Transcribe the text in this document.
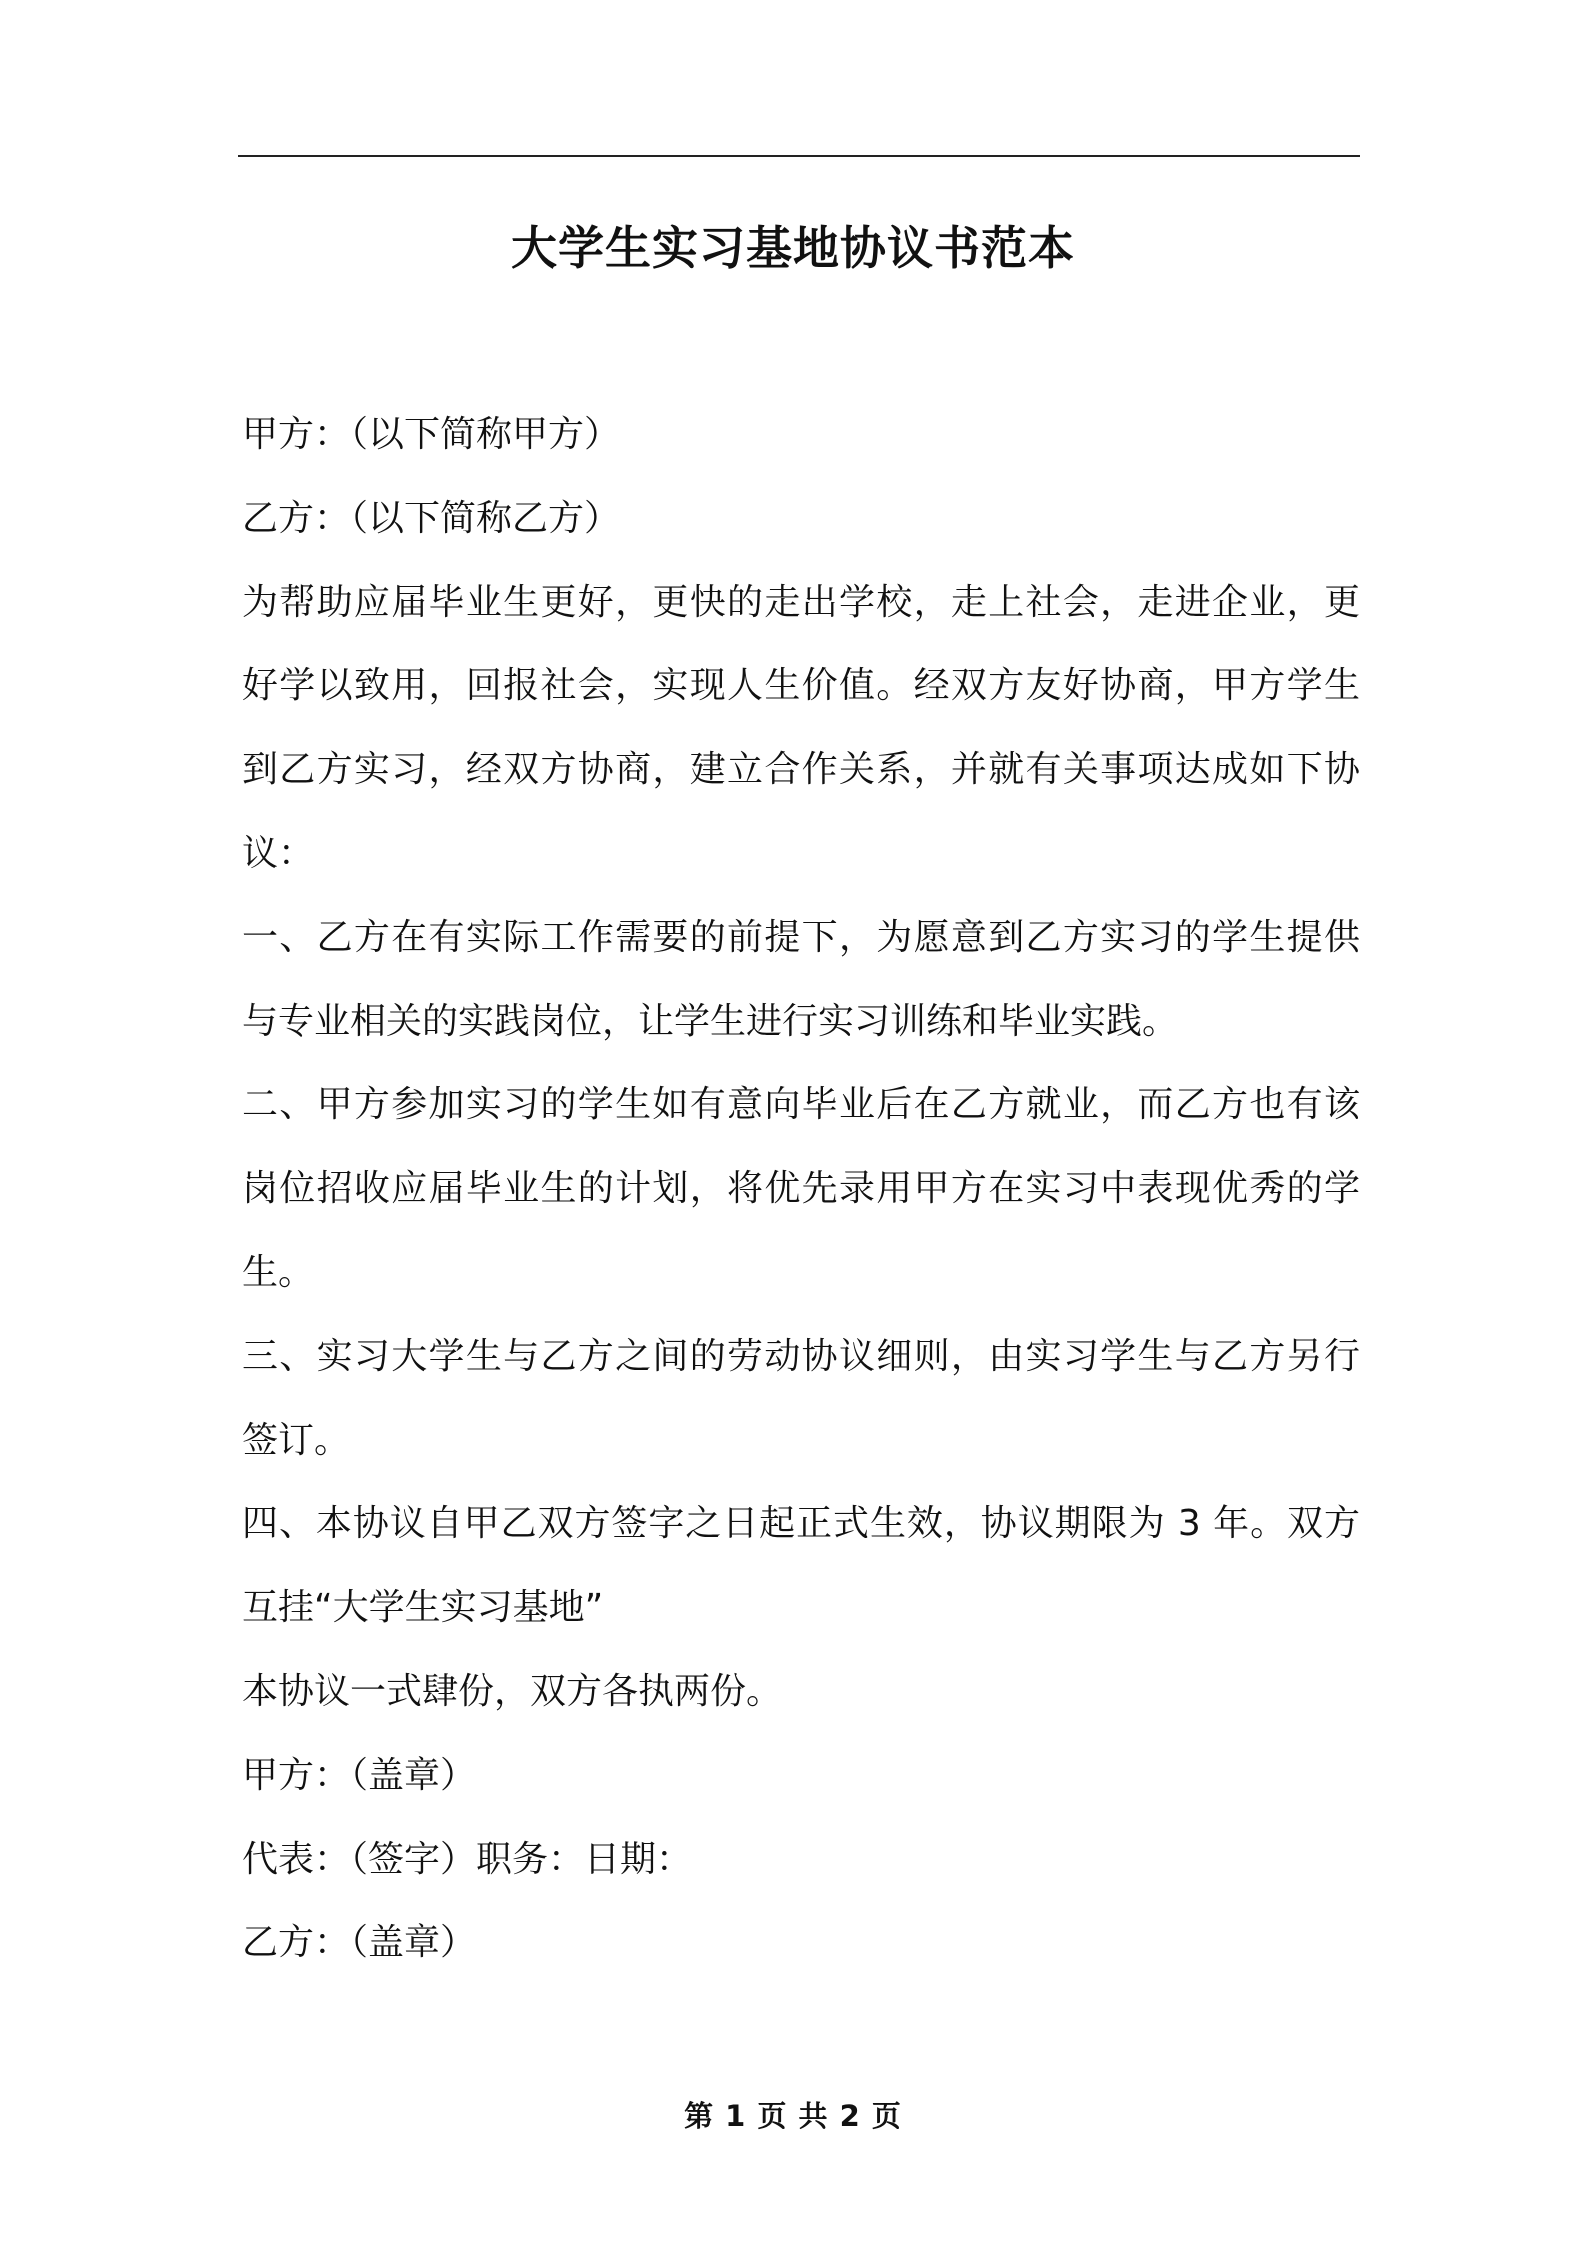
大学生实习基地协议书范本
甲方：（以下简称甲方）
乙方：（以下简称乙方）
为帮助应届毕业生更好，更快的走出学校，走上社会，走进企业，更
好学以致用，回报社会，实现人生价值。经双方友好协商，甲方学生
到乙方实习，经双方协商，建立合作关系，并就有关事项达成如下协
议：
一、乙方在有实际工作需要的前提下，为愿意到乙方实习的学生提供
与专业相关的实践岗位，让学生进行实习训练和毕业实践。
二、甲方参加实习的学生如有意向毕业后在乙方就业，而乙方也有该
岗位招收应届毕业生的计划，将优先录用甲方在实习中表现优秀的学
生。
三、实习大学生与乙方之间的劳动协议细则，由实习学生与乙方另行
签订。
四、本协议自甲乙双方签字之日起正式生效，协议期限为 3 年。双方
互挂“大学生实习基地”
本协议一式肆份，双方各执两份。
甲方：（盖章）
代表：（签字）职务：日期：
乙方：（盖章）
第 1 页 共 2 页
